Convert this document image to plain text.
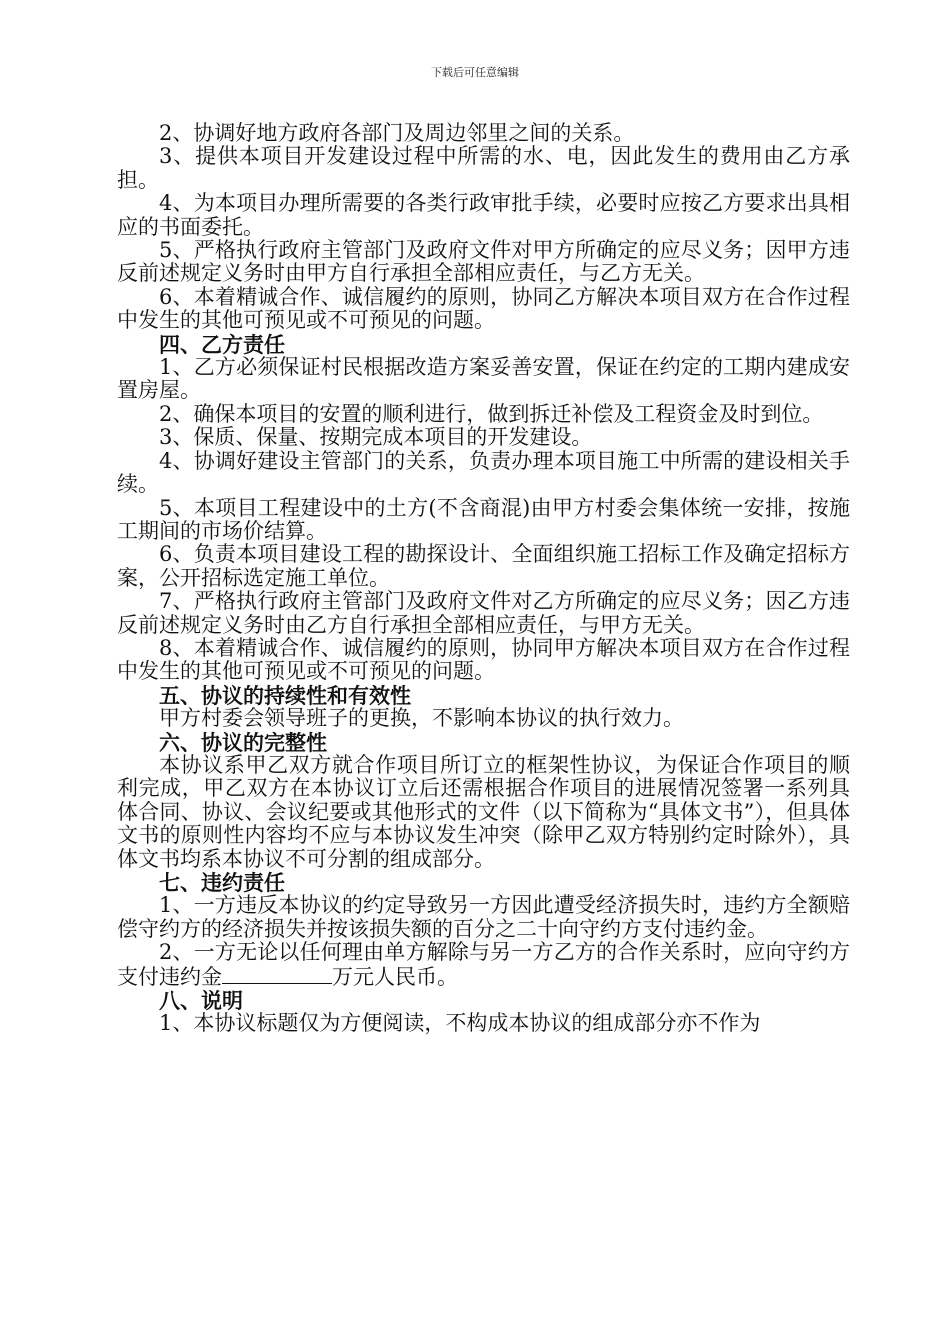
下载后可任意编辑

2、协调好地方政府各部门及周边邻里之间的关系。

3、提供本项目开发建设过程中所需的水、电，因此发生的费用由乙方承担。

4、为本项目办理所需要的各类行政审批手续，必要时应按乙方要求出具相应的书面委托。

5、严格执行政府主管部门及政府文件对甲方所确定的应尽义务；因甲方违反前述规定义务时由甲方自行承担全部相应责任，与乙方无关。

6、本着精诚合作、诚信履约的原则，协同乙方解决本项目双方在合作过程中发生的其他可预见或不可预见的问题。

四、乙方责任

1、乙方必须保证村民根据改造方案妥善安置，保证在约定的工期内建成安置房屋。

2、确保本项目的安置的顺利进行，做到拆迁补偿及工程资金及时到位。

3、保质、保量、按期完成本项目的开发建设。

4、协调好建设主管部门的关系，负责办理本项目施工中所需的建设相关手续。

5、本项目工程建设中的土方(不含商混)由甲方村委会集体统一安排，按施工期间的市场价结算。

6、负责本项目建设工程的勘探设计、全面组织施工招标工作及确定招标方案，公开招标选定施工单位。

7、严格执行政府主管部门及政府文件对乙方所确定的应尽义务；因乙方违反前述规定义务时由乙方自行承担全部相应责任，与甲方无关。

8、本着精诚合作、诚信履约的原则，协同甲方解决本项目双方在合作过程中发生的其他可预见或不可预见的问题。

五、协议的持续性和有效性

甲方村委会领导班子的更换，不影响本协议的执行效力。

六、协议的完整性

本协议系甲乙双方就合作项目所订立的框架性协议，为保证合作项目的顺利完成，甲乙双方在本协议订立后还需根据合作项目的进展情况签署一系列具体合同、协议、会议纪要或其他形式的文件（以下简称为“具体文书”），但具体文书的原则性内容均不应与本协议发生冲突（除甲乙双方特别约定时除外），具体文书均系本协议不可分割的组成部分。

七、违约责任

1、一方违反本协议的约定导致另一方因此遭受经济损失时，违约方全额赔偿守约方的经济损失并按该损失额的百分之二十向守约方支付违约金。

2、一方无论以任何理由单方解除与另一方乙方的合作关系时，应向守约方支付违约金	万元人民币。

八、说明

1、本协议标题仅为方便阅读，不构成本协议的组成部分亦不作为
